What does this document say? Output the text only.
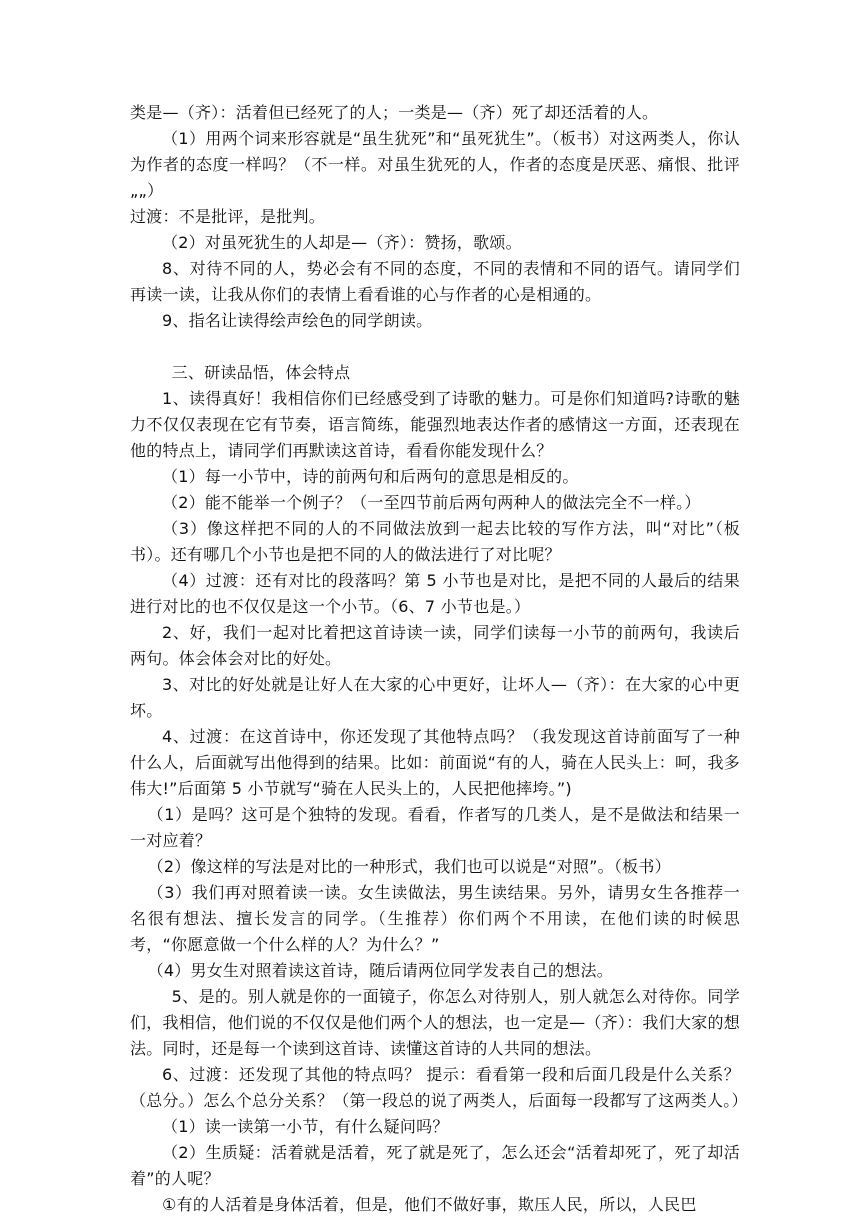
类是—（齐）：活着但已经死了的人；一类是—（齐）死了却还活着的人。

（1）用两个词来形容就是“虽生犹死”和“虽死犹生”。（板书）对这两类人，你认为作者的态度一样吗？（不一样。对虽生犹死的人，作者的态度是厌恶、痛恨、批评„„）

过渡：不是批评，是批判。

（2）对虽死犹生的人却是—（齐）：赞扬，歌颂。

8、对待不同的人，势必会有不同的态度，不同的表情和不同的语气。请同学们再读一读，让我从你们的表情上看看谁的心与作者的心是相通的。

9、指名让读得绘声绘色的同学朗读。

三、研读品悟，体会特点

1、读得真好！我相信你们已经感受到了诗歌的魅力。可是你们知道吗?诗歌的魅力不仅仅表现在它有节奏，语言简练，能强烈地表达作者的感情这一方面，还表现在他的特点上，请同学们再默读这首诗，看看你能发现什么？

（1）每一小节中，诗的前两句和后两句的意思是相反的。

（2）能不能举一个例子？（一至四节前后两句两种人的做法完全不一样。）

（3）像这样把不同的人的不同做法放到一起去比较的写作方法，叫“对比”（板书）。还有哪几个小节也是把不同的人的做法进行了对比呢？

（4）过渡：还有对比的段落吗？第 5 小节也是对比，是把不同的人最后的结果进行对比的也不仅仅是这一个小节。（6、7 小节也是。）

2、好，我们一起对比着把这首诗读一读，同学们读每一小节的前两句，我读后两句。体会体会对比的好处。

3、对比的好处就是让好人在大家的心中更好，让坏人—（齐）：在大家的心中更坏。

4、过渡：在这首诗中，你还发现了其他特点吗？（我发现这首诗前面写了一种什么人，后面就写出他得到的结果。比如：前面说“有的人，骑在人民头上：呵，我多伟大!”后面第 5 小节就写“骑在人民头上的，人民把他摔垮。”)

（1）是吗？这可是个独特的发现。看看，作者写的几类人，是不是做法和结果一一对应着？

（2）像这样的写法是对比的一种形式，我们也可以说是“对照”。（板书）

（3）我们再对照着读一读。女生读做法，男生读结果。另外，请男女生各推荐一名很有想法、擅长发言的同学。（生推荐）你们两个不用读，在他们读的时候思考，“你愿意做一个什么样的人？为什么？”

（4）男女生对照着读这首诗，随后请两位同学发表自己的想法。

5、是的。别人就是你的一面镜子，你怎么对待别人，别人就怎么对待你。同学们，我相信，他们说的不仅仅是他们两个人的想法，也一定是—（齐）：我们大家的想法。同时，还是每一个读到这首诗、读懂这首诗的人共同的想法。

6、过渡：还发现了其他的特点吗？ 提示：看看第一段和后面几段是什么关系？（总分。）怎么个总分关系？（第一段总的说了两类人，后面每一段都写了这两类人。）

（1）读一读第一小节，有什么疑问吗？

（2）生质疑：活着就是活着，死了就是死了，怎么还会“活着却死了，死了却活着”的人呢？

①有的人活着是身体活着，但是，他们不做好事，欺压人民，所以，人民巴
